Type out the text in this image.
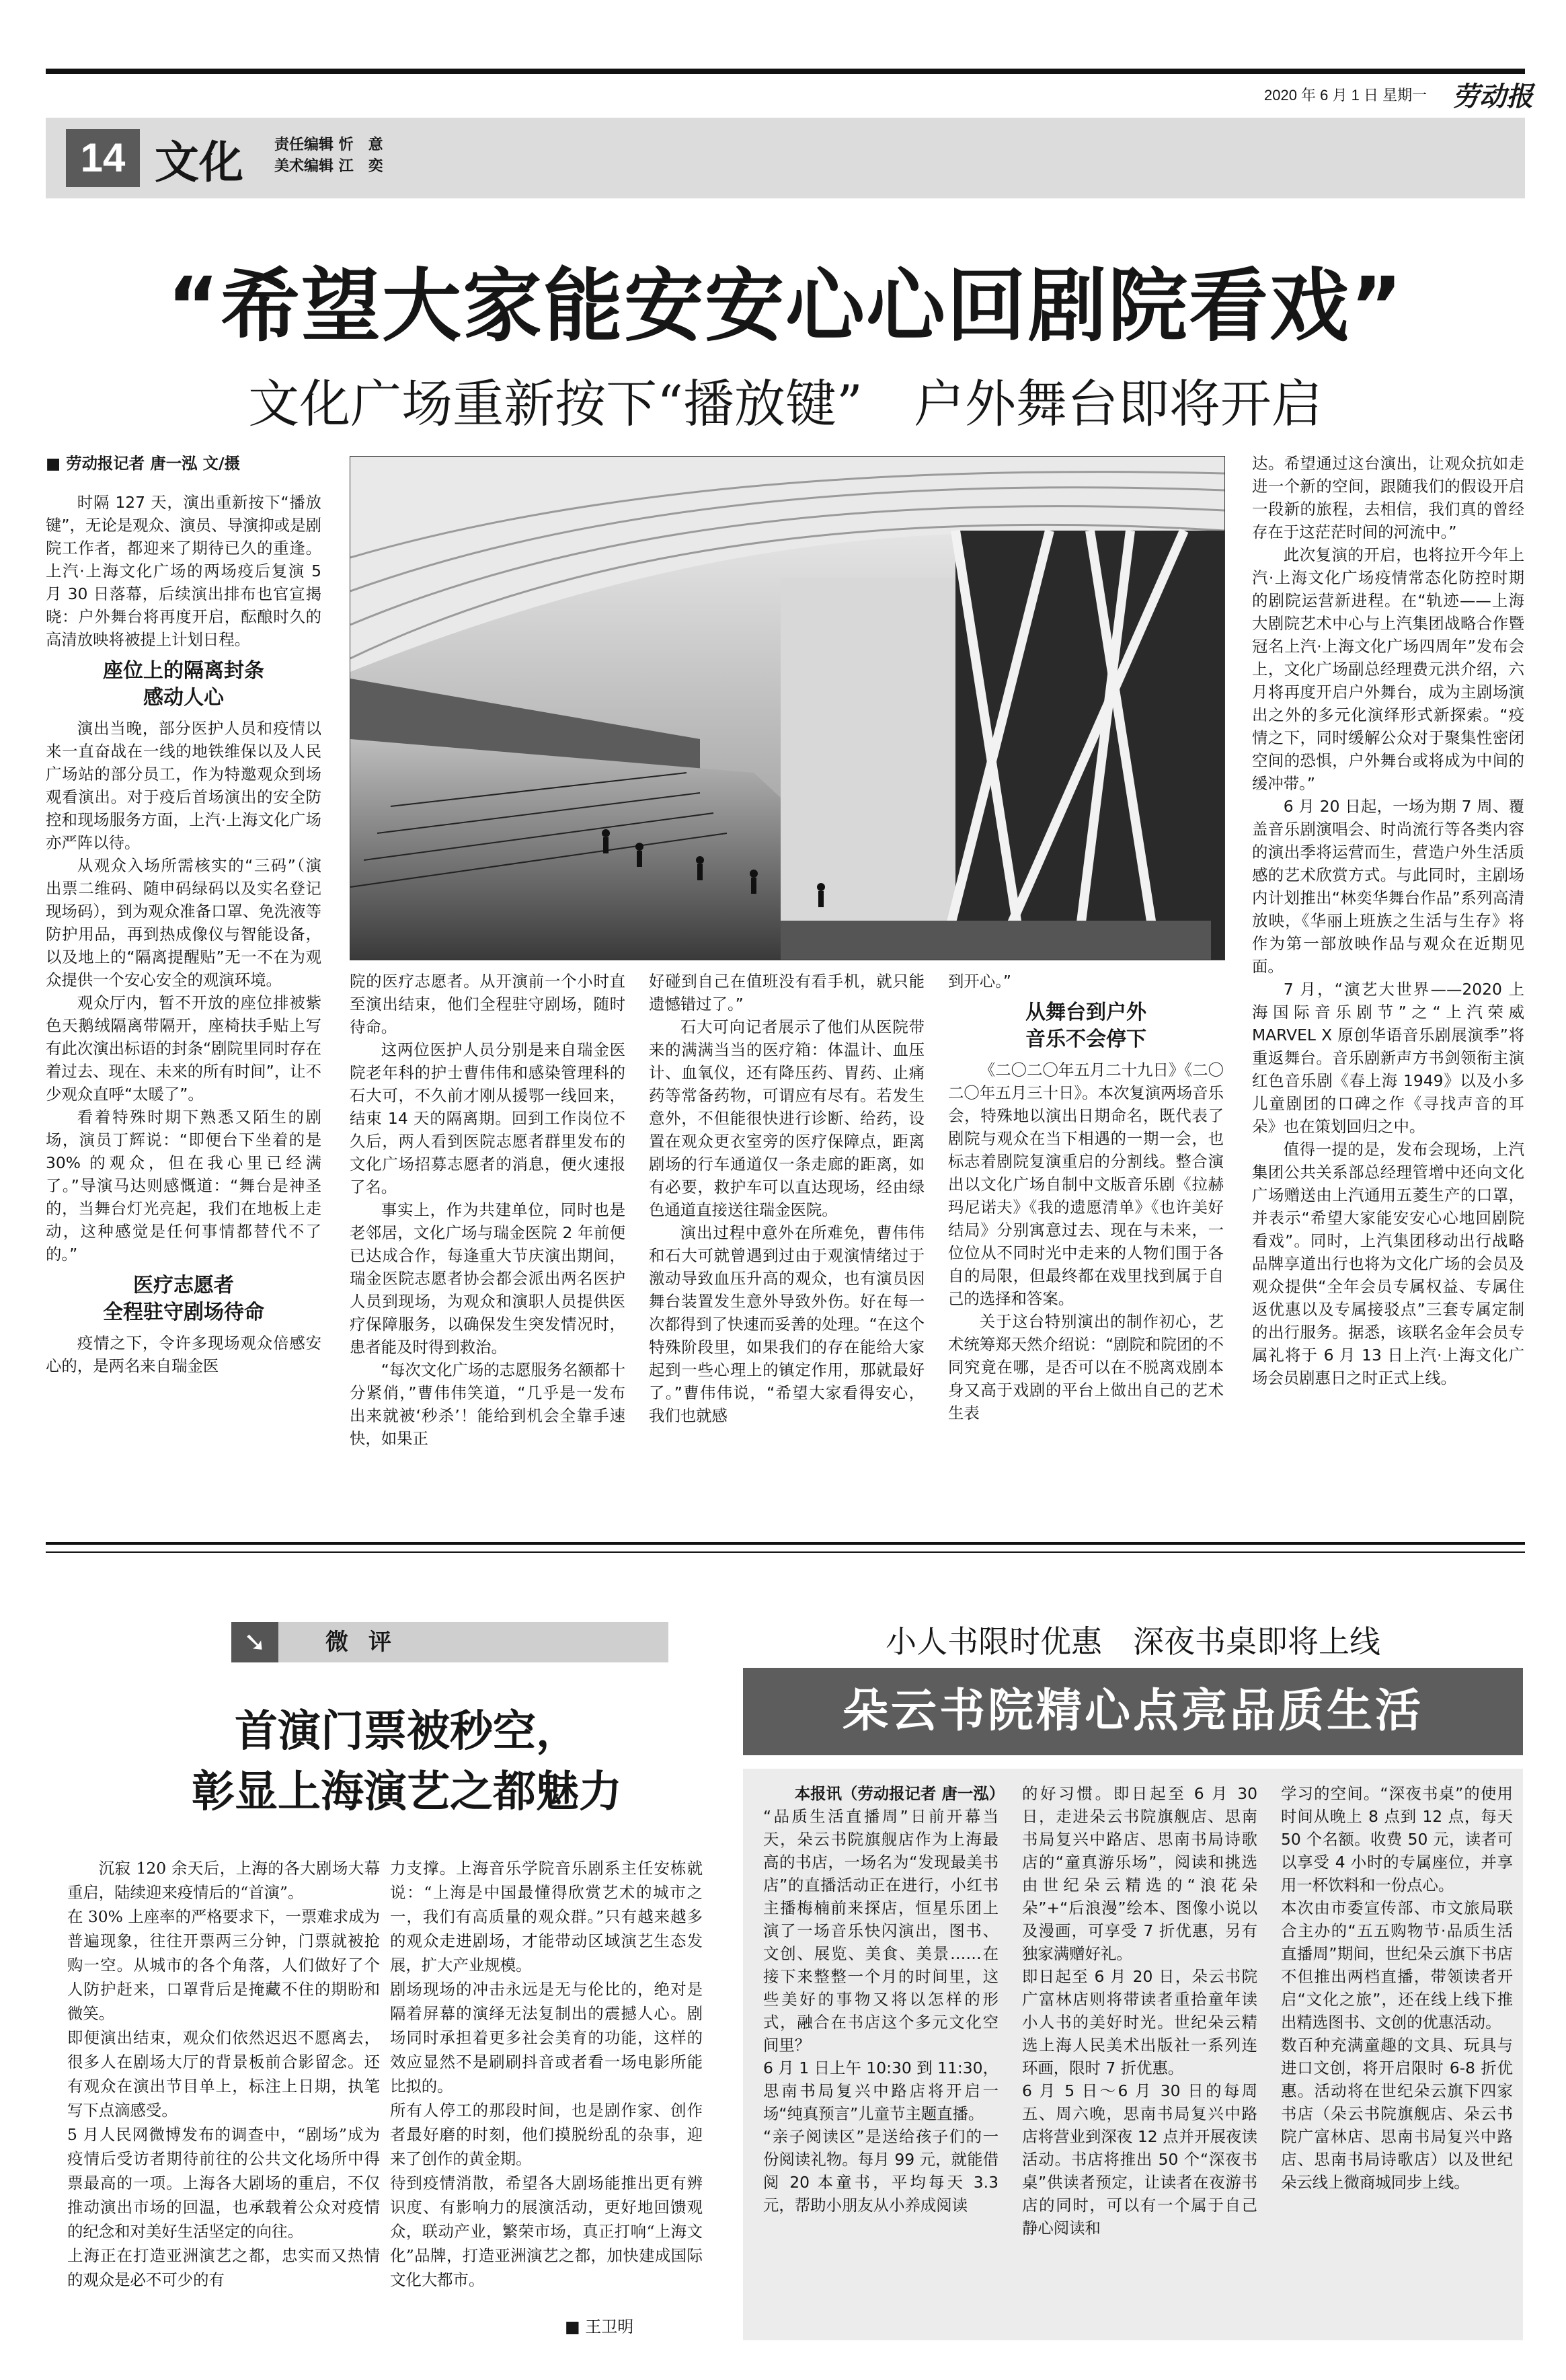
2020 年 6 月 1 日 星期一 劳动报
14 文化 责任编辑 忻　意
美术编辑 江　奕
“希望大家能安安心心回剧院看戏”
文化广场重新按下“播放键”　户外舞台即将开启

■ 劳动报记者 唐一泓 文/摄

时隔 127 天，演出重新按下“播放键”，无论是观众、演员、导演抑或是剧院工作者，都迎来了期待已久的重逢。上汽·上海文化广场的两场疫后复演 5 月 30 日落幕，后续演出排布也官宣揭晓：户外舞台将再度开启，酝酿时久的高清放映将被提上计划日程。

座位上的隔离封条
感动人心

演出当晚，部分医护人员和疫情以来一直奋战在一线的地铁维保以及人民广场站的部分员工，作为特邀观众到场观看演出。对于疫后首场演出的安全防控和现场服务方面，上汽·上海文化广场亦严阵以待。

从观众入场所需核实的“三码”（演出票二维码、随申码绿码以及实名登记现场码），到为观众准备口罩、免洗液等防护用品，再到热成像仪与智能设备，以及地上的“隔离提醒贴”无一不在为观众提供一个安心安全的观演环境。

观众厅内，暂不开放的座位排被紫色天鹅绒隔离带隔开，座椅扶手贴上写有此次演出标语的封条“剧院里同时存在着过去、现在、未来的所有时间”，让不少观众直呼“太暖了”。

看着特殊时期下熟悉又陌生的剧场，演员丁辉说：“即便台下坐着的是 30% 的观众，但在我心里已经满了。”导演马达则感慨道：“舞台是神圣的，当舞台灯光亮起，我们在地板上走动，这种感觉是任何事情都替代不了的。”

医疗志愿者
全程驻守剧场待命

疫情之下，令许多现场观众倍感安心的，是两名来自瑞金医

院的医疗志愿者。从开演前一个小时直至演出结束，他们全程驻守剧场，随时待命。

这两位医护人员分别是来自瑞金医院老年科的护士曹伟伟和感染管理科的石大可，不久前才刚从援鄂一线回来，结束 14 天的隔离期。回到工作岗位不久后，两人看到医院志愿者群里发布的文化广场招募志愿者的消息，便火速报了名。

事实上，作为共建单位，同时也是老邻居，文化广场与瑞金医院 2 年前便已达成合作，每逢重大节庆演出期间，瑞金医院志愿者协会都会派出两名医护人员到现场，为观众和演职人员提供医疗保障服务，以确保发生突发情况时，患者能及时得到救治。

“每次文化广场的志愿服务名额都十分紧俏，”曹伟伟笑道，“几乎是一发布出来就被‘秒杀’！能给到机会全靠手速快，如果正

好碰到自己在值班没有看手机，就只能遗憾错过了。”

石大可向记者展示了他们从医院带来的满满当当的医疗箱：体温计、血压计、血氧仪，还有降压药、胃药、止痛药等常备药物，可谓应有尽有。若发生意外，不但能很快进行诊断、给药，设置在观众更衣室旁的医疗保障点，距离剧场的行车通道仅一条走廊的距离，如有必要，救护车可以直达现场，经由绿色通道直接送往瑞金医院。

演出过程中意外在所难免，曹伟伟和石大可就曾遇到过由于观演情绪过于激动导致血压升高的观众，也有演员因舞台装置发生意外导致外伤。好在每一次都得到了快速而妥善的处理。“在这个特殊阶段里，如果我们的存在能给大家起到一些心理上的镇定作用，那就最好了。”曹伟伟说，“希望大家看得安心，我们也就感

到开心。”

从舞台到户外
音乐不会停下

《二〇二〇年五月二十九日》《二〇二〇年五月三十日》。本次复演两场音乐会，特殊地以演出日期命名，既代表了剧院与观众在当下相遇的一期一会，也标志着剧院复演重启的分割线。整合演出以文化广场自制中文版音乐剧《拉赫玛尼诺夫》《我的遗愿清单》《也许美好结局》分别寓意过去、现在与未来，一位位从不同时光中走来的人物们围于各自的局限，但最终都在戏里找到属于自己的选择和答案。

关于这台特别演出的制作初心，艺术统筹郑天然介绍说：“剧院和院团的不同究竟在哪，是否可以在不脱离戏剧本身又高于戏剧的平台上做出自己的艺术生表

达。希望通过这台演出，让观众抗如走进一个新的空间，跟随我们的假设开启一段新的旅程，去相信，我们真的曾经存在于这茫茫时间的河流中。”

此次复演的开启，也将拉开今年上汽·上海文化广场疫情常态化防控时期的剧院运营新进程。在“轨迹——上海大剧院艺术中心与上汽集团战略合作暨冠名上汽·上海文化广场四周年”发布会上，文化广场副总经理费元洪介绍，六月将再度开启户外舞台，成为主剧场演出之外的多元化演绎形式新探索。“疫情之下，同时缓解公众对于聚集性密闭空间的恐惧，户外舞台或将成为中间的缓冲带。”

6 月 20 日起，一场为期 7 周、覆盖音乐剧演唱会、时尚流行等各类内容的演出季将运营而生，营造户外生活质感的艺术欣赏方式。与此同时，主剧场内计划推出“林奕华舞台作品”系列高清放映，《华丽上班族之生活与生存》将作为第一部放映作品与观众在近期见面。

7 月，“演艺大世界——2020 上海国际音乐剧节”之“上汽荣威 MARVEL X 原创华语音乐剧展演季”将重返舞台。音乐剧新声方书剑领衔主演红色音乐剧《春上海 1949》以及小多儿童剧团的口碑之作《寻找声音的耳朵》也在策划回归之中。

值得一提的是，发布会现场，上汽集团公共关系部总经理管增中还向文化广场赠送由上汽通用五菱生产的口罩，并表示“希望大家能安安心心地回剧院看戏”。同时，上汽集团移动出行战略品牌享道出行也将为文化广场的会员及观众提供“全年会员专属权益、专属住返优惠以及专属接驳点”三套专属定制的出行服务。据悉，该联名金年会员专属礼将于 6 月 13 日上汽·上海文化广场会员剧惠日之时正式上线。

➘	微评
首演门票被秒空，
彰显上海演艺之都魅力
沉寂 120 余天后，上海的各大剧场大幕重启，陆续迎来疫情后的“首演”。
在 30% 上座率的严格要求下，一票难求成为普遍现象，往往开票两三分钟，门票就被抢购一空。从城市的各个角落，人们做好了个人防护赶来，口罩背后是掩藏不住的期盼和微笑。
即便演出结束，观众们依然迟迟不愿离去，很多人在剧场大厅的背景板前合影留念。还有观众在演出节目单上，标注上日期，执笔写下点滴感受。
5 月人民网微博发布的调查中，“剧场”成为疫情后受访者期待前往的公共文化场所中得票最高的一项。上海各大剧场的重启，不仅推动演出市场的回温，也承载着公众对疫情的纪念和对美好生活坚定的向往。
上海正在打造亚洲演艺之都，忠实而又热情的观众是必不可少的有
力支撑。上海音乐学院音乐剧系主任安栋就说：“上海是中国最懂得欣赏艺术的城市之一，我们有高质量的观众群。”只有越来越多的观众走进剧场，才能带动区域演艺生态发展，扩大产业规模。
剧场现场的冲击永远是无与伦比的，绝对是隔着屏幕的演绎无法复制出的震撼人心。剧场同时承担着更多社会美育的功能，这样的效应显然不是刷刷抖音或者看一场电影所能比拟的。
所有人停工的那段时间，也是剧作家、创作者最好磨的时刻，他们摸脱纷乱的杂事，迎来了创作的黄金期。
待到疫情消散，希望各大剧场能推出更有辨识度、有影响力的展演活动，更好地回馈观众，联动产业，繁荣市场，真正打响“上海文化”品牌，打造亚洲演艺之都，加快建成国际文化大都市。
■ 王卫明
小人书限时优惠　深夜书桌即将上线
朵云书院精心点亮品质生活

本报讯（劳动报记者 唐一泓）

“品质生活直播周”日前开幕当天，朵云书院旗舰店作为上海最高的书店，一场名为“发现最美书店”的直播活动正在进行，小红书主播梅楠前来探店，恒星乐团上演了一场音乐快闪演出，图书、文创、展览、美食、美景……在接下来整整一个月的时间里，这些美好的事物又将以怎样的形式，融合在书店这个多元文化空间里？
6 月 1 日上午 10:30 到 11:30，思南书局复兴中路店将开启一场“纯真预言”儿童节主题直播。
“亲子阅读区”是送给孩子们的一份阅读礼物。每月 99 元，就能借阅 20 本童书，平均每天 3.3 元，帮助小朋友从小养成阅读

的好习惯。即日起至 6 月 30 日，走进朵云书院旗舰店、思南书局复兴中路店、思南书局诗歌店的“童真游乐场”，阅读和挑选由世纪朵云精选的“浪花朵朵”+“后浪漫”绘本、图像小说以及漫画，可享受 7 折优惠，另有独家满赠好礼。
即日起至 6 月 20 日，朵云书院广富林店则将带读者重拾童年读小人书的美好时光。世纪朵云精选上海人民美术出版社一系列连环画，限时 7 折优惠。
6 月 5 日～6 月 30 日的每周五、周六晚，思南书局复兴中路店将营业到深夜 12 点并开展夜读活动。书店将推出 50 个“深夜书桌”供读者预定，让读者在夜游书店的同时，可以有一个属于自己静心阅读和
学习的空间。“深夜书桌”的使用时间从晚上 8 点到 12 点，每天 50 个名额。收费 50 元，读者可以享受 4 小时的专属座位，并享用一杯饮料和一份点心。
本次由市委宣传部、市文旅局联合主办的“五五购物节·品质生活直播周”期间，世纪朵云旗下书店不但推出两档直播，带领读者开启“文化之旅”，还在线上线下推出精选图书、文创的优惠活动。
数百种充满童趣的文具、玩具与进口文创，将开启限时 6-8 折优惠。活动将在世纪朵云旗下四家书店（朵云书院旗舰店、朵云书院广富林店、思南书局复兴中路店、思南书局诗歌店）以及世纪朵云线上微商城同步上线。
